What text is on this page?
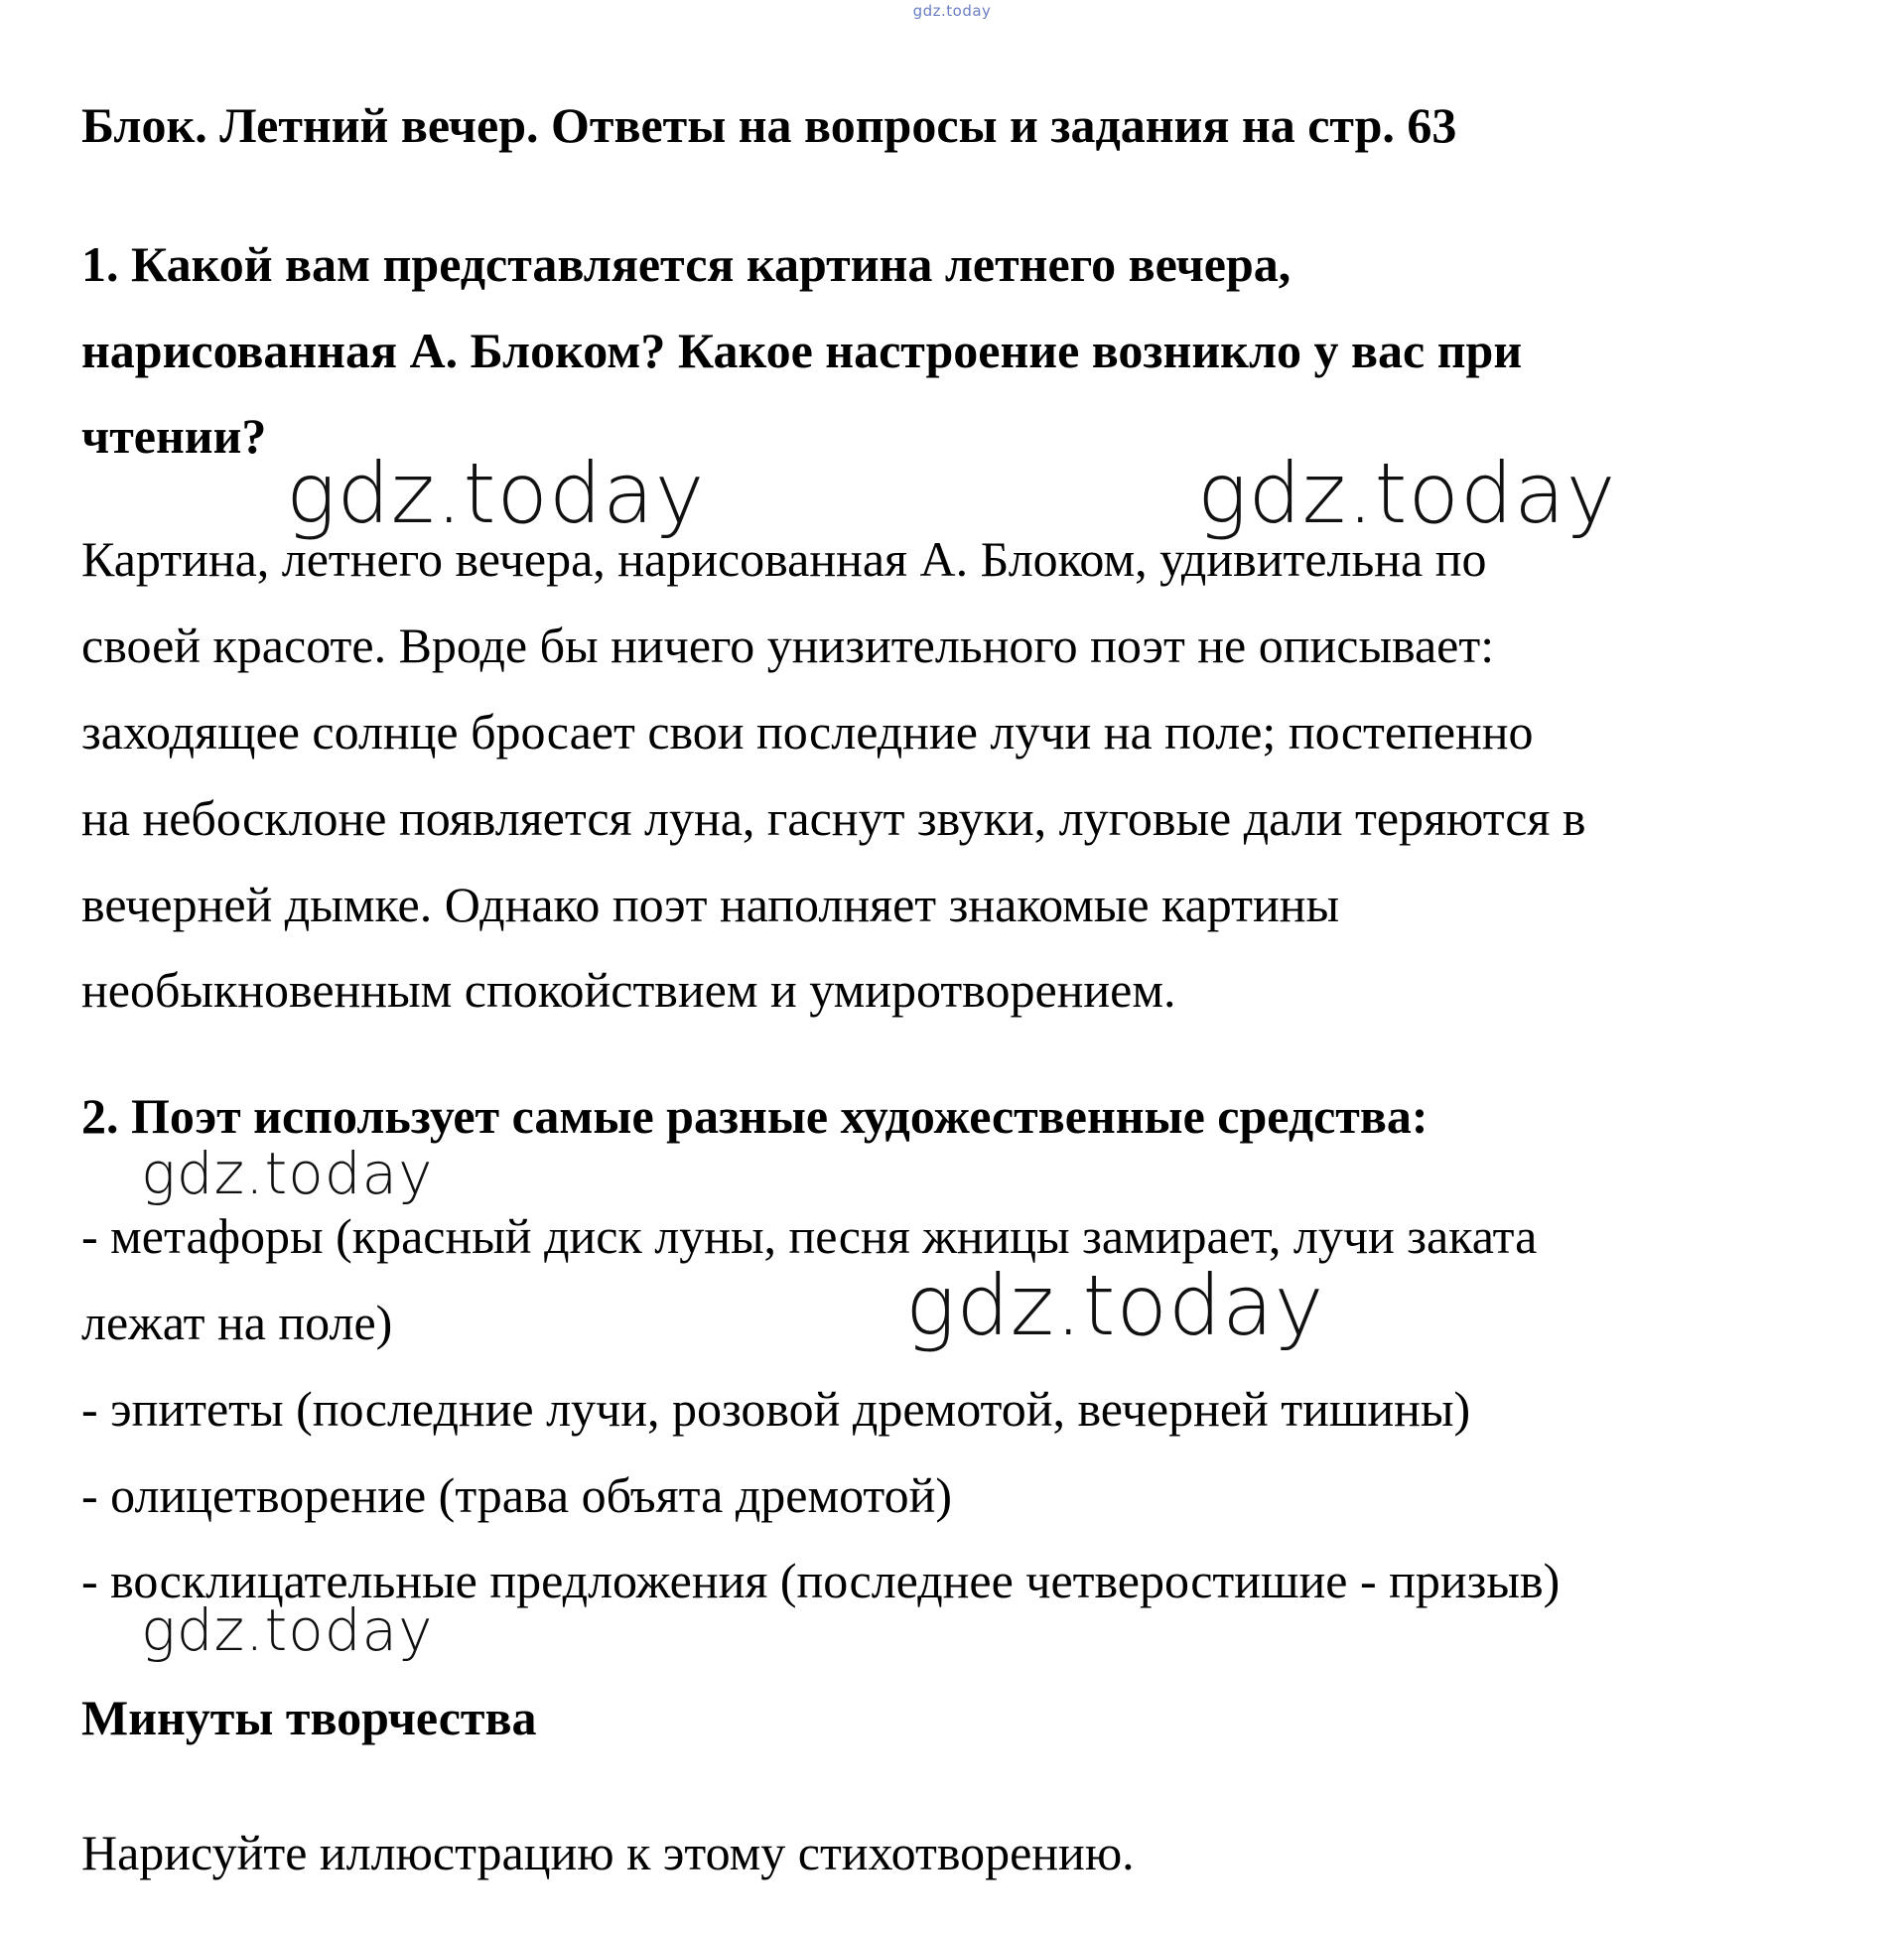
gdz.today
Блок. Летний вечер. Ответы на вопросы и задания на стр. 63
1. Какой вам представляется картина летнего вечера,
нарисованная А. Блоком? Какое настроение возникло у вас при
чтении?
Картина, летнего вечера, нарисованная А. Блоком, удивительна по
своей красоте. Вроде бы ничего унизительного поэт не описывает:
заходящее солнце бросает свои последние лучи на поле; постепенно
на небосклоне появляется луна, гаснут звуки, луговые дали теряются в
вечерней дымке. Однако поэт наполняет знакомые картины
необыкновенным спокойствием и умиротворением.
2. Поэт использует самые разные художественные средства:
- метафоры (красный диск луны, песня жницы замирает, лучи заката
лежат на поле)
- эпитеты (последние лучи, розовой дремотой, вечерней тишины)
- олицетворение (трава объята дремотой)
- восклицательные предложения (последнее четверостишие - призыв)
Минуты творчества
Нарисуйте иллюстрацию к этому стихотворению.
gdz.today	gdz.today
gdz.today
gdz.today
gdz.today
